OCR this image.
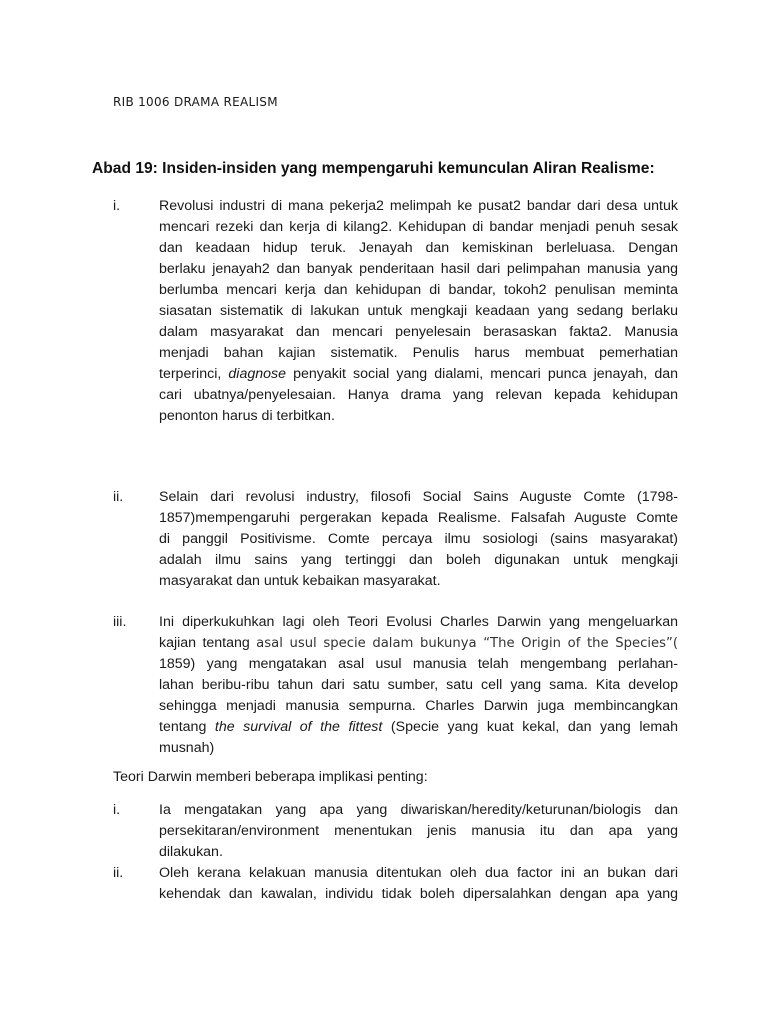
RIB 1006 DRAMA REALISM
Abad 19: Insiden-insiden yang mempengaruhi kemunculan Aliran Realisme:
i.	Revolusi industri di mana pekerja2 melimpah ke pusat2 bandar dari desa untuk
mencari rezeki dan kerja di kilang2. Kehidupan di bandar menjadi penuh sesak
dan keadaan hidup teruk. Jenayah dan kemiskinan berleluasa. Dengan
berlaku jenayah2 dan banyak penderitaan hasil dari pelimpahan manusia yang
berlumba mencari kerja dan kehidupan di bandar, tokoh2 penulisan meminta
siasatan sistematik di lakukan untuk mengkaji keadaan yang sedang berlaku
dalam masyarakat dan mencari penyelesain berasaskan fakta2. Manusia
menjadi bahan kajian sistematik. Penulis harus membuat pemerhatian
terperinci, diagnose penyakit social yang dialami, mencari punca jenayah, dan
cari ubatnya/penyelesaian. Hanya drama yang relevan kepada kehidupan
penonton harus di terbitkan.
ii.	Selain dari revolusi industry, filosofi Social Sains Auguste Comte (1798-
1857)mempengaruhi pergerakan kepada Realisme. Falsafah Auguste Comte
di panggil Positivisme. Comte percaya ilmu sosiologi (sains masyarakat)
adalah ilmu sains yang tertinggi dan boleh digunakan untuk mengkaji
masyarakat dan untuk kebaikan masyarakat.
iii. Ini diperkukuhkan lagi oleh Teori Evolusi Charles Darwin yang mengeluarkan
kajian tentang asal usul specie dalam bukunya “The Origin of the Species”(
1859) yang mengatakan asal usul manusia telah mengembang perlahan-
lahan beribu-ribu tahun dari satu sumber, satu cell yang sama. Kita develop
sehingga menjadi manusia sempurna. Charles Darwin juga membincangkan
tentang the survival of the fittest (Specie yang kuat kekal, dan yang lemah
musnah)
Teori Darwin memberi beberapa implikasi penting:
i.	Ia mengatakan yang apa yang diwariskan/heredity/keturunan/biologis dan
persekitaran/environment menentukan jenis manusia itu dan apa yang
dilakukan.
ii.	Oleh kerana kelakuan manusia ditentukan oleh dua factor ini an bukan dari
kehendak dan kawalan, individu tidak boleh dipersalahkan dengan apa yang
